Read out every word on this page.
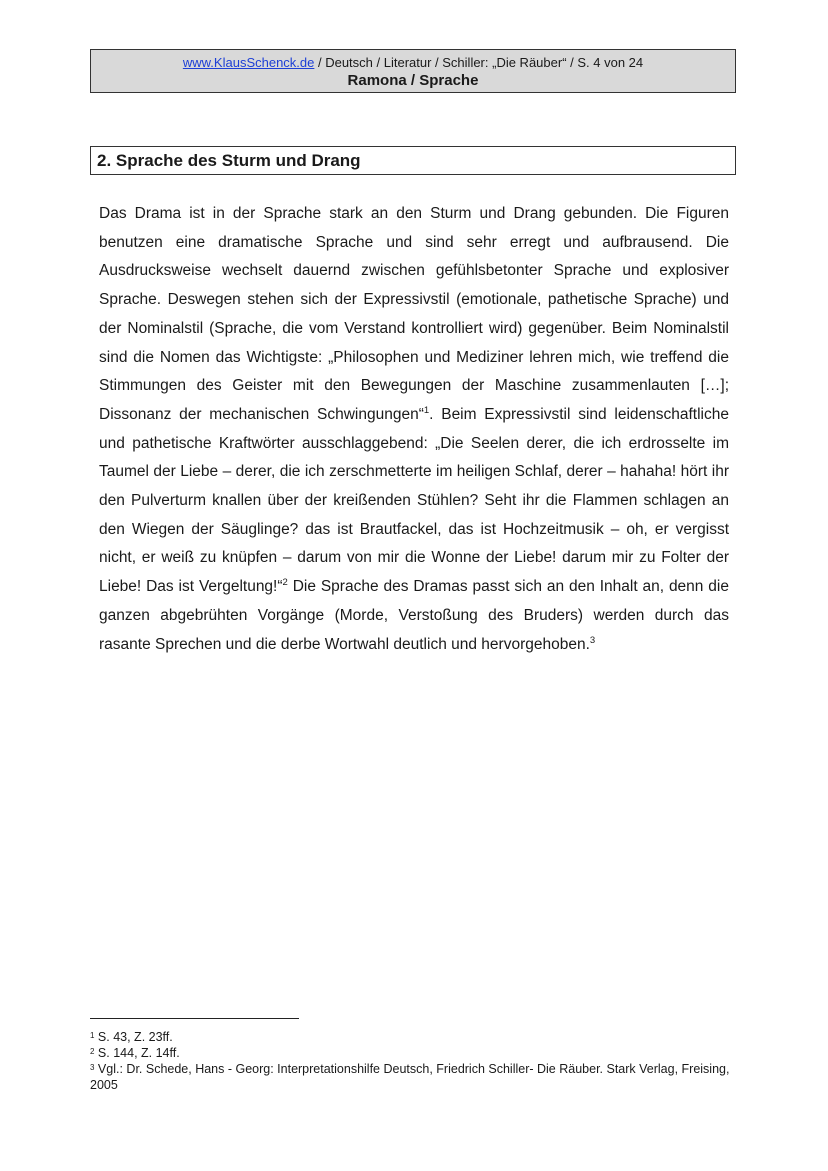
www.KlausSchenck.de / Deutsch / Literatur / Schiller: „Die Räuber“ / S. 4 von 24
Ramona / Sprache
2. Sprache des Sturm und Drang
Das Drama ist in der Sprache stark an den Sturm und Drang gebunden. Die Figuren benutzen eine dramatische Sprache und sind sehr erregt und aufbrausend. Die Ausdrucksweise wechselt dauernd zwischen gefühlsbetonter Sprache und explosiver Sprache. Deswegen stehen sich der Expressivstil (emotionale, pathetische Sprache) und der Nominalstil (Sprache, die vom Verstand kontrolliert wird) gegenüber. Beim Nominalstil sind die Nomen das Wichtigste: „Philosophen und Mediziner lehren mich, wie treffend die Stimmungen des Geister mit den Bewegungen der Maschine zusammenlauten […]; Dissonanz der mechanischen Schwingungen“$^1$. Beim Expressivstil sind leidenschaftliche und pathetische Kraftwörter ausschlaggebend: „Die Seelen derer, die ich erdrosselte im Taumel der Liebe – derer, die ich zerschmetterte im heiligen Schlaf, derer – hahaha! hört ihr den Pulverturm knallen über der kreißenden Stühlen? Seht ihr die Flammen schlagen an den Wiegen der Säuglinge? das ist Brautfackel, das ist Hochzeitmusik – oh, er vergisst nicht, er weiß zu knüpfen – darum von mir die Wonne der Liebe! darum mir zu Folter der Liebe! Das ist Vergeltung!“$^2$ Die Sprache des Dramas passt sich an den Inhalt an, denn die ganzen abgebrühten Vorgänge (Morde, Verstoßung des Bruders) werden durch das rasante Sprechen und die derbe Wortwahl deutlich und hervorgehoben.$^3$
$^1$ S. 43, Z. 23ff.
$^2$ S. 144, Z. 14ff.
$^3$ Vgl.: Dr. Schede, Hans - Georg: Interpretationshilfe Deutsch, Friedrich Schiller- Die Räuber. Stark Verlag, Freising, 2005
